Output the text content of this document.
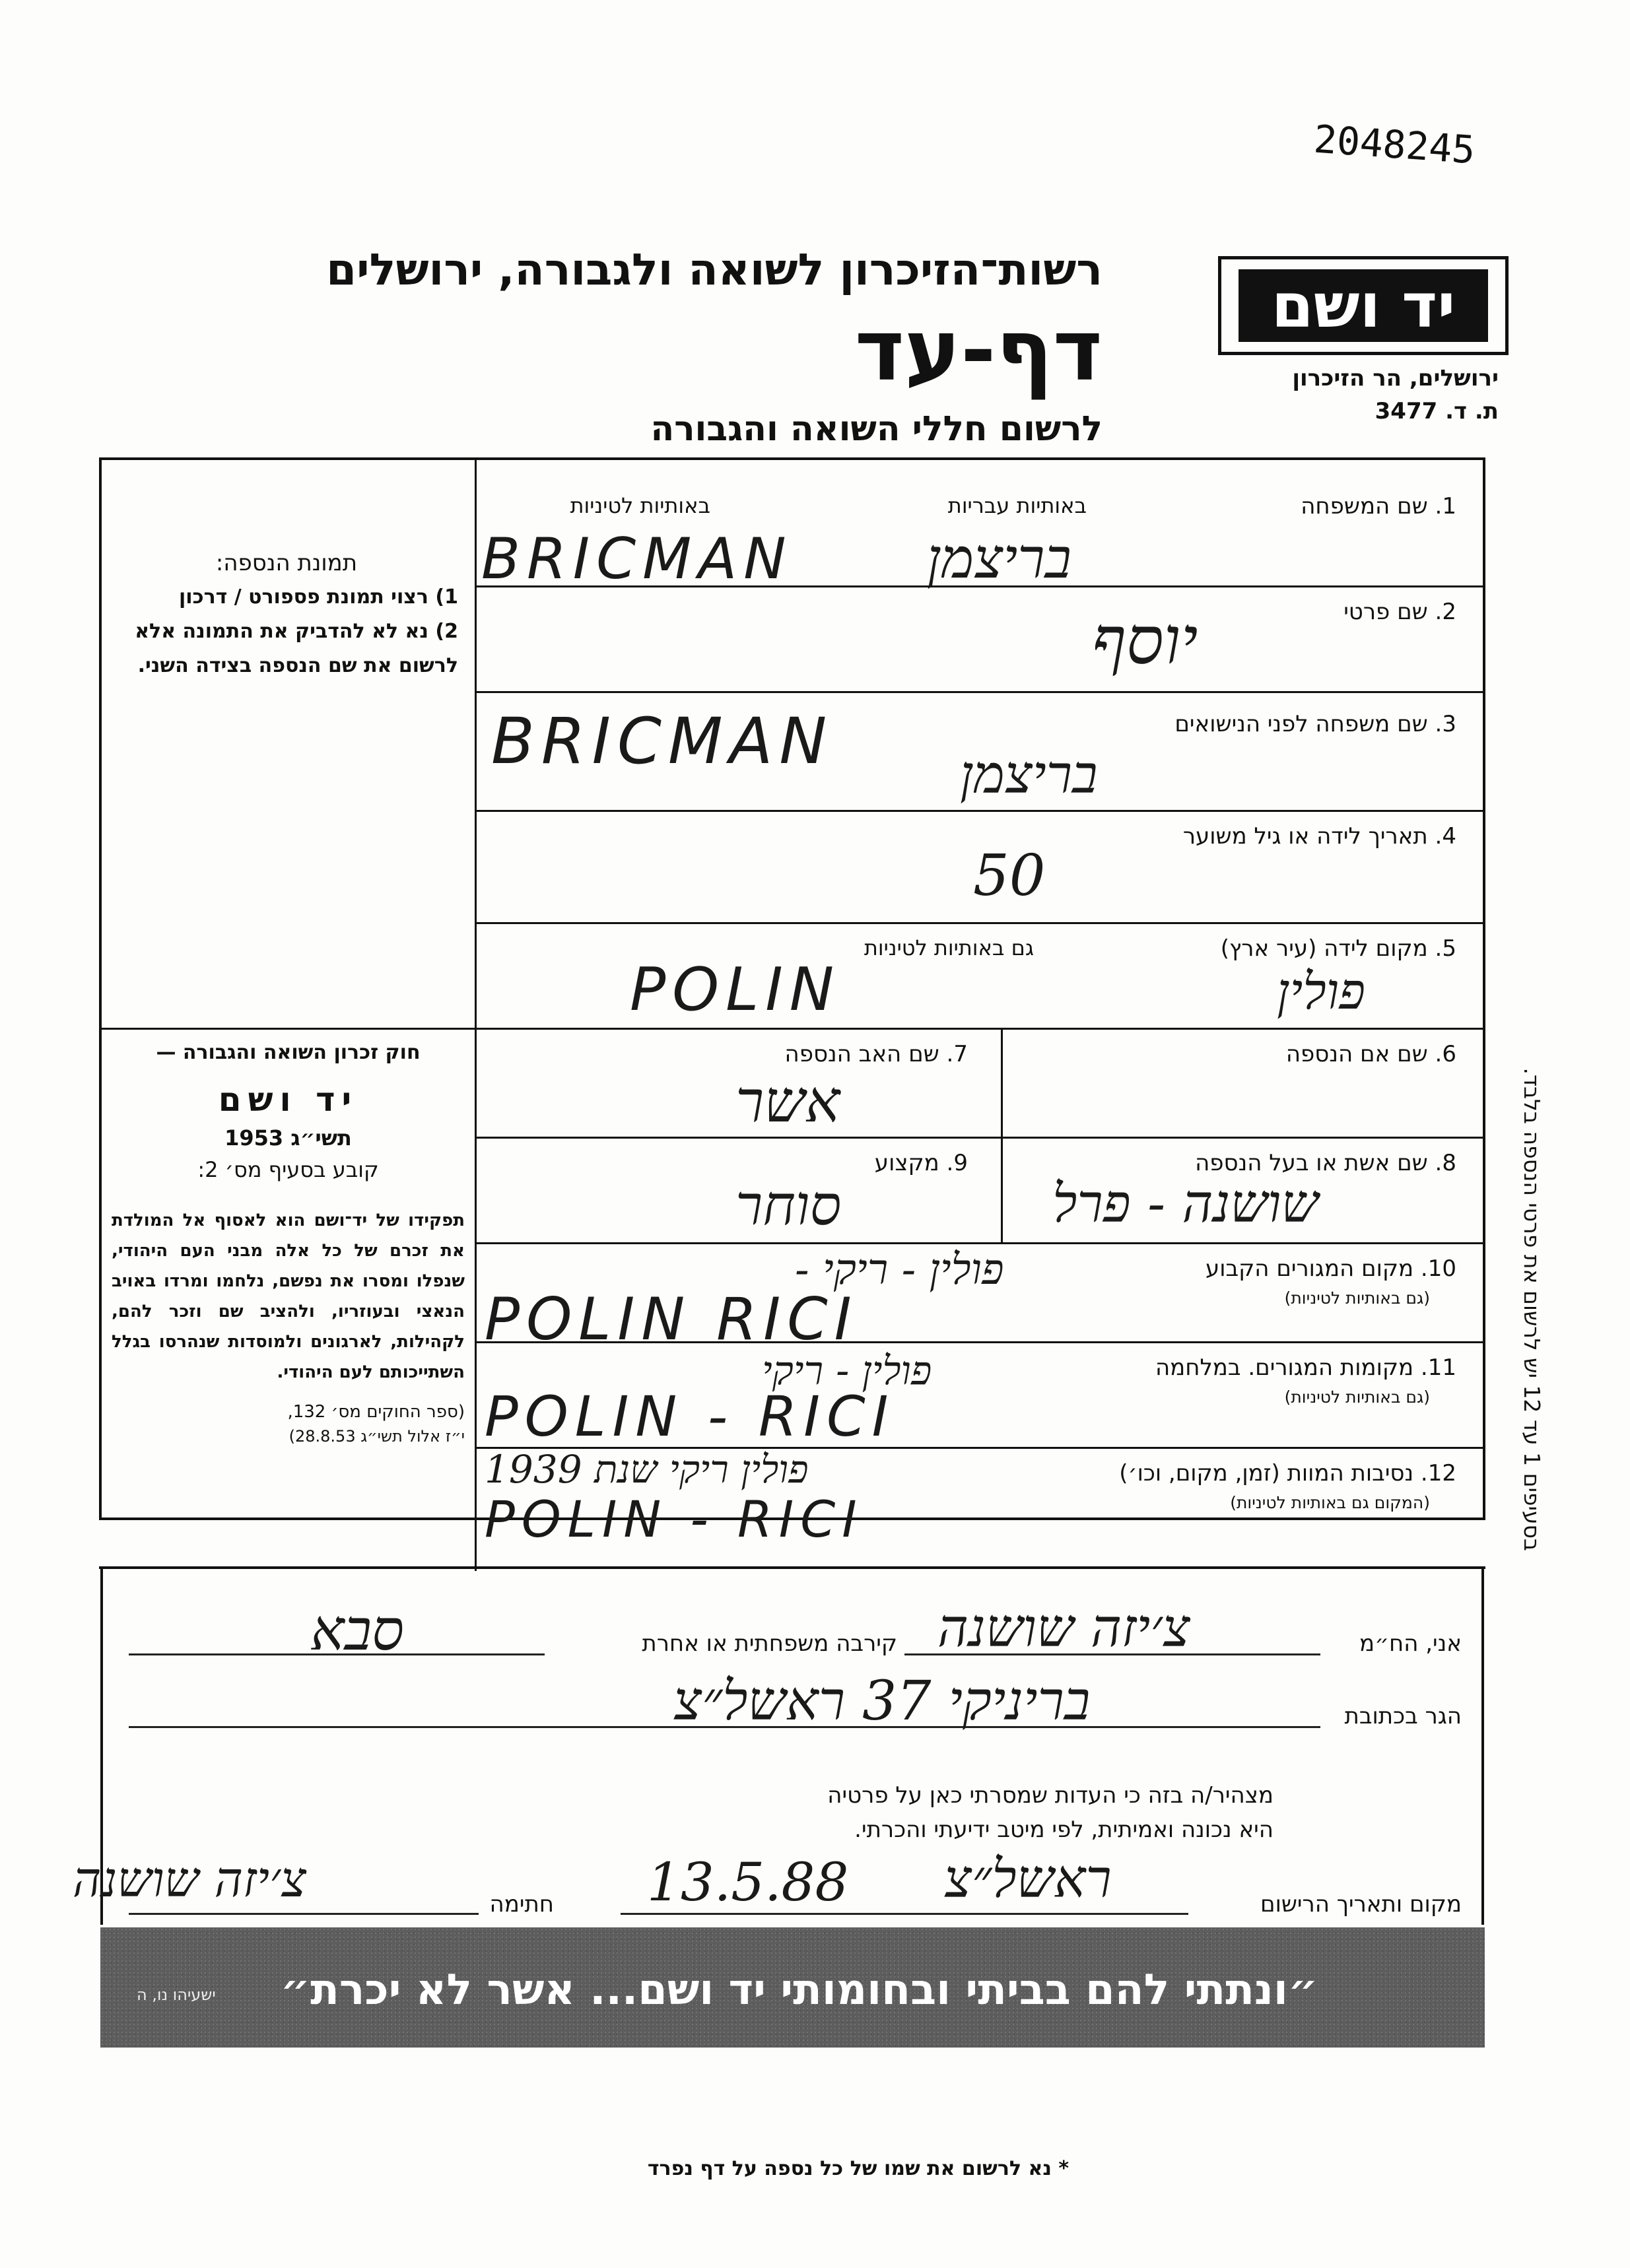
2048245
יד ושם
ירושלים, הר הזיכרון
ת. ד. 3477
רשות־הזיכרון לשואה ולגבורה, ירושלים
דף-עד
לרשום חללי השואה והגבורה
תמונת הנספה:
1) רצוי תמונת פספורט / דרכון
2) נא לא להדביק את התמונה אלא לרשום את שם הנספה בצידה השני.
חוק זכרון השואה והגבורה —
יד ושם
תשי״ג 1953
קובע בסעיף מס׳ 2:
תפקידו של יד־ושם הוא לאסוף אל המולדת את זכרם של כל אלה מבני העם היהודי, שנפלו ומסרו את נפשם, נלחמו ומרדו באויב הנאצי ובעוזריו, ולהציב שם וזכר להם, לקהילות, לארגונים ולמוסדות שנהרסו בגלל השתייכותם לעם היהודי.
(ספר החוקים מס׳ 132,
י״ז אלול תשי״ג 28.8.53)
1. שם המשפחה
באותיות עבריות
באותיות לטיניות
BRICMAN בריצמן
2. שם פרטי
יוסף
3. שם משפחה לפני הנישואים
BRICMAN בריצמן
4. תאריך לידה או גיל משוער
50
5. מקום לידה (עיר ארץ)
גם באותיות לטיניות
POLIN	פולין
6. שם אם הנספה
7. שם האב הנספה
אשר
8. שם אשת או בעל הנספה
שושנה - פרל
9. מקצוע
סוחר
10. מקום המגורים הקבוע
(גם באותיות לטיניות)
פולין - ריקי -
POLIN RICI
11. מקומות המגורים. במלחמה
(גם באותיות לטיניות)
פולין - ריקי
POLIN - RICI
12. נסיבות המוות (זמן, מקום, וכו׳)
(המקום גם באותיות לטיניות)
פולין ריקי שנת 1939
POLIN - RICI
אני, הח״מ
צ׳יזה שושנה
קירבה משפחתית או אחרת
סבא
הגר בכתובת
בריניקי 37 ראשל״צ
מצהיר/ה בזה כי העדות שמסרתי כאן על פרטיה
היא נכונה ואמיתית, לפי מיטב ידיעתי והכרתי.
מקום ותאריך הרישום
ראשל״צ
13.5.88
חתימה
צ׳יזה שושנה
בסעיפים 1 עד 12 יש לרשום את פרטי הנספה בלבד.
״ונתתי להם בביתי ובחומותי יד ושם... אשר לא יכרת״
ישעיהו נו, ה
* נא לרשום את שמו של כל נספה על דף נפרד
